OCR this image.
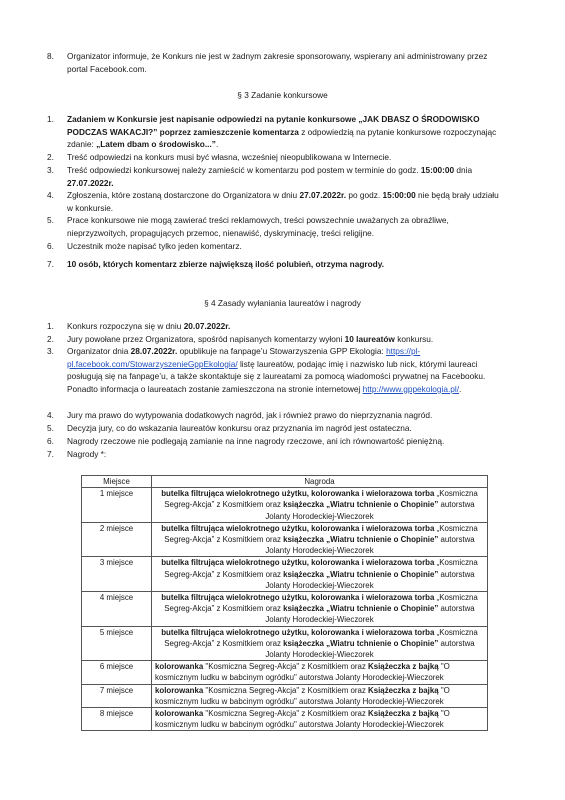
8. Organizator informuje, że Konkurs nie jest w żadnym zakresie sponsorowany, wspierany ani administrowany przez portal Facebook.com.
§ 3 Zadanie konkursowe
1. Zadaniem w Konkursie jest napisanie odpowiedzi na pytanie konkursowe „JAK DBASZ O ŚRODOWISKO PODCZAS WAKACJI?” poprzez zamieszczenie komentarza z odpowiedzią na pytanie konkursowe rozpoczynając zdanie: „Latem dbam o środowisko...”.
2. Treść odpowiedzi na konkurs musi być własna, wcześniej nieopublikowana w Internecie.
3. Treść odpowiedzi konkursowej należy zamieścić w komentarzu pod postem w terminie do godz. 15:00:00 dnia 27.07.2022r.
4. Zgłoszenia, które zostaną dostarczone do Organizatora w dniu 27.07.2022r. po godz. 15:00:00 nie będą brały udziału w konkursie.
5. Prace konkursowe nie mogą zawierać treści reklamowych, treści powszechnie uważanych za obraźliwe, nieprzyzwoitych, propagujących przemoc, nienawiść, dyskryminację, treści religijne.
6. Uczestnik może napisać tylko jeden komentarz.
7. 10 osób, których komentarz zbierze największą ilość polubień, otrzyma nagrody.
§ 4 Zasady wyłaniania laureatów i nagrody
1. Konkurs rozpoczyna się w dniu 20.07.2022r.
2. Jury powołane przez Organizatora, spośród napisanych komentarzy wyłoni 10 laureatów konkursu.
3. Organizator dnia 28.07.2022r. opublikuje na fanpage’u Stowarzyszenia GPP Ekologia: https://pl-pl.facebook.com/StowarzyszenieGppEkologia/ listę laureatów, podając imię i nazwisko lub nick, którymi laureaci posługują się na fanpage’u, a także skontaktuje się z laureatami za pomocą wiadomości prywatnej na Facebooku. Ponadto informacja o laureatach zostanie zamieszczona na stronie internetowej http://www.gppekologia.pl/.
4. Jury ma prawo do wytypowania dodatkowych nagród, jak i również prawo do nieprzyznania nagród.
5. Decyzja jury, co do wskazania laureatów konkursu oraz przyznania im nagród jest ostateczna.
6. Nagrody rzeczowe nie podlegają zamianie na inne nagrody rzeczowe, ani ich równowartość pieniężną.
7. Nagrody *:
Miejsce	Nagroda
1 miejsce	butelka filtrująca wielokrotnego użytku, kolorowanka i wielorazowa torba „Kosmiczna Segreg-Akcja” z Kosmitkiem oraz książeczka „Wiatru tchnienie o Chopinie” autorstwa Jolanty Horodeckiej-Wieczorek
2 miejsce	butelka filtrująca wielokrotnego użytku, kolorowanka i wielorazowa torba „Kosmiczna Segreg-Akcja” z Kosmitkiem oraz książeczka „Wiatru tchnienie o Chopinie” autorstwa Jolanty Horodeckiej-Wieczorek
3 miejsce	butelka filtrująca wielokrotnego użytku, kolorowanka i wielorazowa torba „Kosmiczna Segreg-Akcja” z Kosmitkiem oraz książeczka „Wiatru tchnienie o Chopinie” autorstwa Jolanty Horodeckiej-Wieczorek
4 miejsce	butelka filtrująca wielokrotnego użytku, kolorowanka i wielorazowa torba „Kosmiczna Segreg-Akcja” z Kosmitkiem oraz książeczka „Wiatru tchnienie o Chopinie” autorstwa Jolanty Horodeckiej-Wieczorek
5 miejsce	butelka filtrująca wielokrotnego użytku, kolorowanka i wielorazowa torba „Kosmiczna Segreg-Akcja” z Kosmitkiem oraz książeczka „Wiatru tchnienie o Chopinie” autorstwa Jolanty Horodeckiej-Wieczorek
6 miejsce	kolorowanka "Kosmiczna Segreg-Akcja" z Kosmitkiem oraz Książeczka z bajką "O kosmicznym ludku w babcinym ogródku" autorstwa Jolanty Horodeckiej-Wieczorek
7 miejsce	kolorowanka "Kosmiczna Segreg-Akcja" z Kosmitkiem oraz Książeczka z bajką "O kosmicznym ludku w babcinym ogródku" autorstwa Jolanty Horodeckiej-Wieczorek
8 miejsce	kolorowanka "Kosmiczna Segreg-Akcja" z Kosmitkiem oraz Książeczka z bajką "O kosmicznym ludku w babcinym ogródku" autorstwa Jolanty Horodeckiej-Wieczorek
